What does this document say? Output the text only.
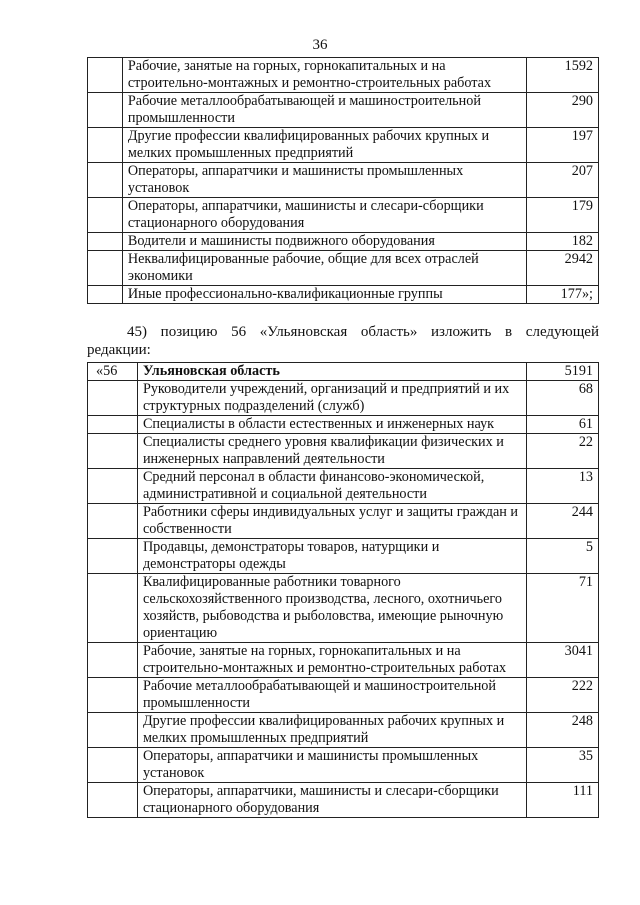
36
	Рабочие, занятые на горных, горнокапитальных и на строительно-монтажных и ремонтно-строительных работах	1592
	Рабочие металлообрабатывающей и машиностроительной промышленности	290
	Другие профессии квалифицированных рабочих крупных и мелких промышленных предприятий	197
	Операторы, аппаратчики и машинисты промышленных установок	207
	Операторы, аппаратчики, машинисты и слесари-сборщики стационарного оборудования	179
	Водители и машинисты подвижного оборудования	182
	Неквалифицированные рабочие, общие для всех отраслей экономики	2942
	Иные профессионально-квалификационные группы	177»;
45) позицию 56 «Ульяновская область» изложить в следующей
редакции:
«56	Ульяновская область	5191
	Руководители учреждений, организаций и предприятий и их структурных подразделений (служб)	68
	Специалисты в области естественных и инженерных наук	61
	Специалисты среднего уровня квалификации физических и инженерных направлений деятельности	22
	Средний персонал в области финансово-экономической, административной и социальной деятельности	13
	Работники сферы индивидуальных услуг и защиты граждан и собственности	244
	Продавцы, демонстраторы товаров, натурщики и демонстраторы одежды	5
	Квалифицированные работники товарного сельскохозяйственного производства, лесного, охотничьего хозяйств, рыбоводства и рыболовства, имеющие рыночную ориентацию	71
	Рабочие, занятые на горных, горнокапитальных и на строительно-монтажных и ремонтно-строительных работах	3041
	Рабочие металлообрабатывающей и машиностроительной промышленности	222
	Другие профессии квалифицированных рабочих крупных и мелких промышленных предприятий	248
	Операторы, аппаратчики и машинисты промышленных установок	35
	Операторы, аппаратчики, машинисты и слесари-сборщики стационарного оборудования	111
